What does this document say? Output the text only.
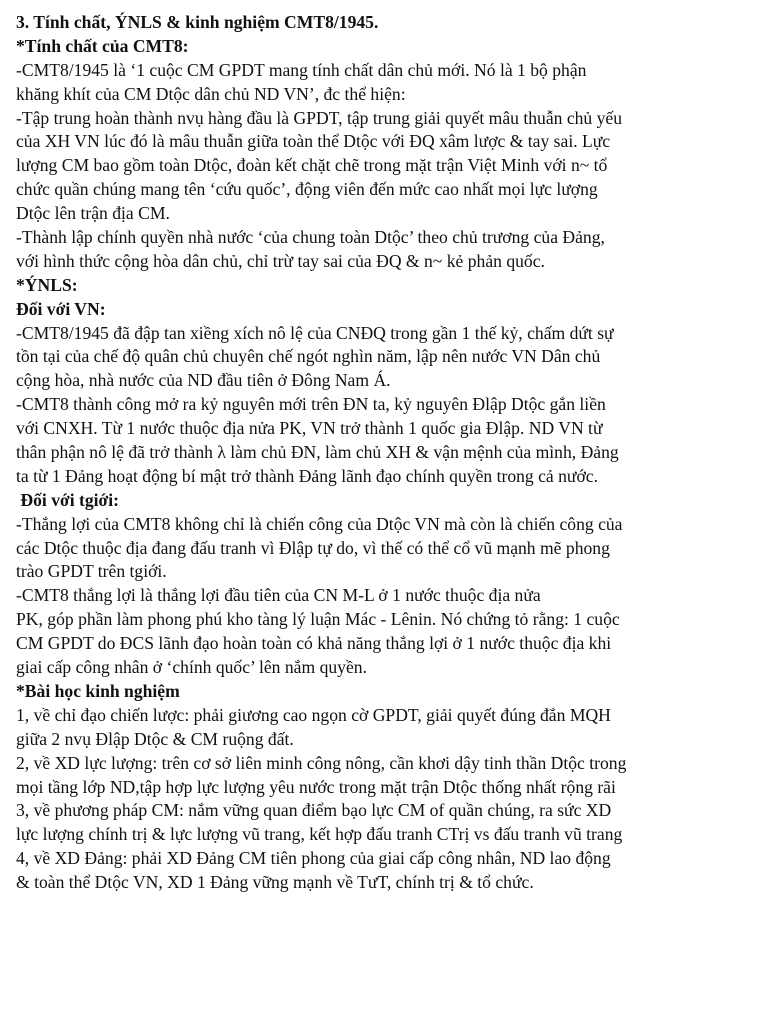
3. Tính chất, ÝNLS & kinh nghiệm CMT8/1945.
*Tính chất của CMT8:
-CMT8/1945 là ‘1 cuộc CM GPDT mang tính chất dân chủ mới. Nó là 1 bộ phận
khăng khít của CM Dtộc dân chủ ND VN’, đc thể hiện:
-Tập trung hoàn thành nvụ hàng đầu là GPDT, tập trung giải quyết mâu thuẫn chủ yếu
của XH VN lúc đó là mâu thuẫn giữa toàn thể Dtộc với ĐQ xâm lược & tay sai. Lực
lượng CM bao gồm toàn Dtộc, đoàn kết chặt chẽ trong mặt trận Việt Minh với n~ tổ
chức quần chúng mang tên ‘cứu quốc’, động viên đến mức cao nhất mọi lực lượng
Dtộc lên trận địa CM.
-Thành lập chính quyền nhà nước ‘của chung toàn Dtộc’ theo chủ trương của Đảng,
với hình thức cộng hòa dân chủ, chỉ trừ tay sai của ĐQ & n~ kẻ phản quốc.
*ÝNLS:
Đối với VN:
-CMT8/1945 đã đập tan xiềng xích nô lệ của CNĐQ trong gần 1 thế kỷ, chấm dứt sự
tồn tại của chế độ quân chủ chuyên chế ngót nghìn năm, lập nên nước VN Dân chủ
cộng hòa, nhà nước của ND đầu tiên ở Đông Nam Á.
-CMT8 thành công mở ra kỷ nguyên mới trên ĐN ta, kỷ nguyên Đlập Dtộc gắn liền
với CNXH. Từ 1 nước thuộc địa nửa PK, VN trở thành 1 quốc gia Đlập. ND VN từ
thân phận nô lệ đã trở thành λ làm chủ ĐN, làm chủ XH & vận mệnh của mình, Đảng
ta từ 1 Đảng hoạt động bí mật trở thành Đảng lãnh đạo chính quyền trong cả nước.
Đối với tgiới:
-Thắng lợi của CMT8 không chỉ là chiến công của Dtộc VN mà còn là chiến công của
các Dtộc thuộc địa đang đấu tranh vì Đlập tự do, vì thế có thể cổ vũ mạnh mẽ phong
trào GPDT trên tgiới.
-CMT8 thắng lợi là thắng lợi đầu tiên của CN M-L ở 1 nước thuộc địa nửa
PK, góp phần làm phong phú kho tàng lý luận Mác - Lênin. Nó chứng tỏ rằng: 1 cuộc
CM GPDT do ĐCS lãnh đạo hoàn toàn có khả năng thắng lợi ở 1 nước thuộc địa khi
giai cấp công nhân ở ‘chính quốc’ lên nắm quyền.
*Bài học kinh nghiệm
1, về chỉ đạo chiến lược: phải giương cao ngọn cờ GPDT, giải quyết đúng đắn MQH
giữa 2 nvụ Đlập Dtộc & CM ruộng đất.
2, về XD lực lượng: trên cơ sở liên minh công nông, cần khơi dậy tinh thần Dtộc trong
mọi tầng lớp ND,tập hợp lực lượng yêu nước trong mặt trận Dtộc thống nhất rộng rãi
3, về phương pháp CM: nắm vững quan điểm bạo lực CM of quần chúng, ra sức XD
lực lượng chính trị & lực lượng vũ trang, kết hợp đấu tranh CTrị vs đấu tranh vũ trang
4, về XD Đảng: phải XD Đảng CM tiên phong của giai cấp công nhân, ND lao động
& toàn thể Dtộc VN, XD 1 Đảng vững mạnh về TưT, chính trị & tổ chức.
